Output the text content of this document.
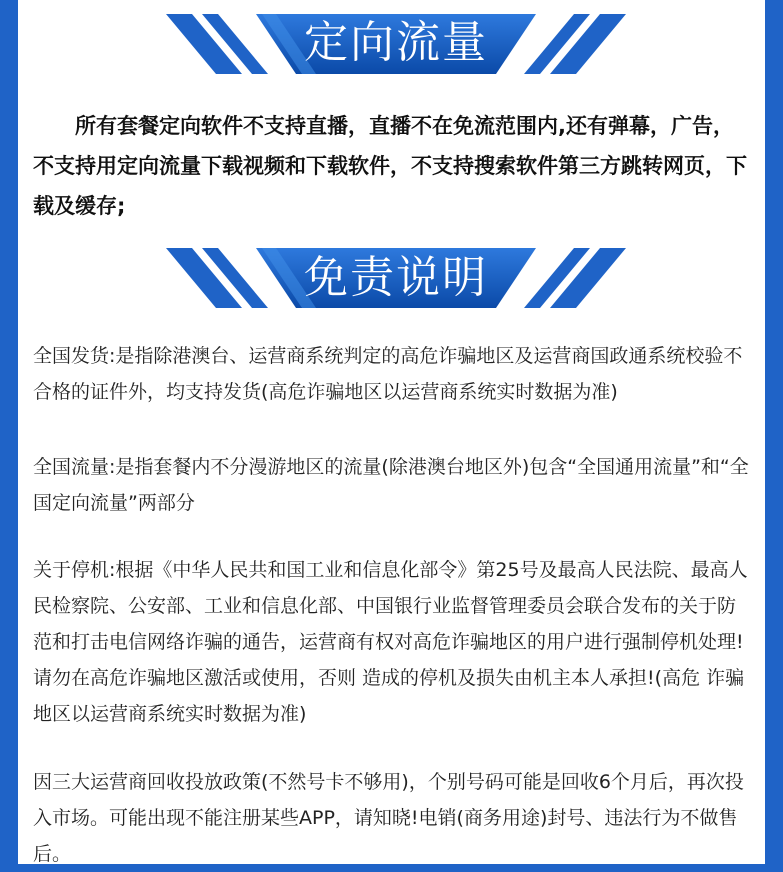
定向流量

所有套餐定向软件不支持直播，直播不在免流范围内,还有弹幕，广告，不支持用定向流量下载视频和下载软件，不支持搜索软件第三方跳转网页，下载及缓存;

免责说明

全国发货:是指除港澳台、运营商系统判定的高危诈骗地区及运营商国政通系统校验不合格的证件外，均支持发货(高危诈骗地区以运营商系统实时数据为准)

全国流量:是指套餐内不分漫游地区的流量(除港澳台地区外)包含“全国通用流量”和“全国定向流量”两部分

关于停机:根据《中华人民共和国工业和信息化部令》第25号及最高人民法院、最高人民检察院、公安部、工业和信息化部、中国银行业监督管理委员会联合发布的关于防范和打击电信网络诈骗的通告，运营商有权对高危诈骗地区的用户进行强制停机处理!请勿在高危诈骗地区激活或使用，否则 造成的停机及损失由机主本人承担!(高危 诈骗地区以运营商系统实时数据为准)

因三大运营商回收投放政策(不然号卡不够用)，个别号码可能是回收6个月后，再次投入市场。可能出现不能注册某些APP，请知晓!电销(商务用途)封号、违法行为不做售后。
